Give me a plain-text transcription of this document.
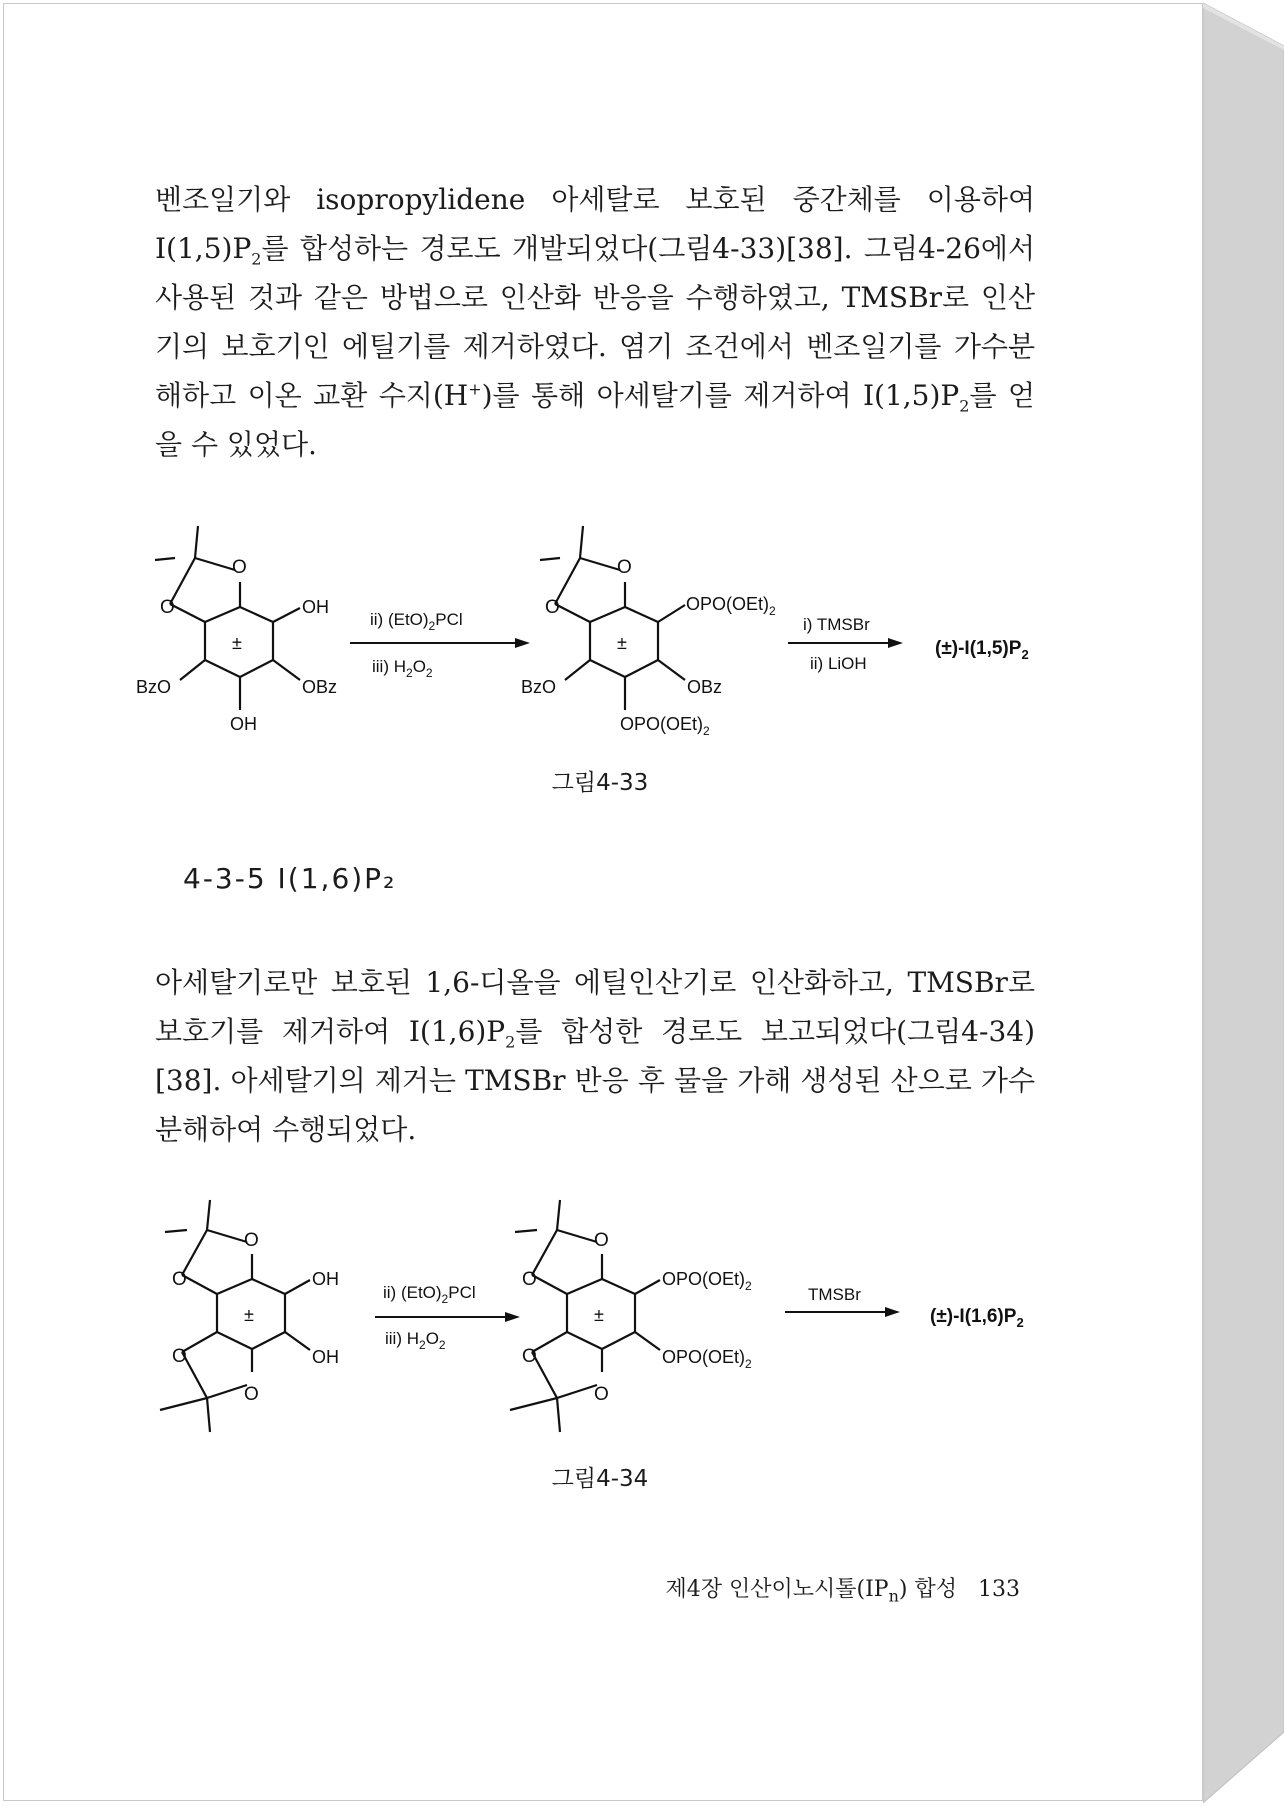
벤조일기와 isopropylidene 아세탈로 보호된 중간체를 이용하여 $I(1,5)P_2$를 합성하는 경로도 개발되었다(그림4-33)[38]. 그림4-26에서 사용된 것과 같은 방법으로 인산화 반응을 수행하였고, TMSBr로 인산기의 보호기인 에틸기를 제거하였다. 염기 조건에서 벤조일기를 가수분해하고 이온 교환 수지(H+)를 통해 아세탈기를 제거하여 $I(1,5)P_2$를 얻을 수 있었다.

O
O
±
OH
BzO	OBz
OH
ii) $(EtO)_2PCl$
iii) $H_2O_2$
O
O
±
$OPO(OEt)_2$
BzO	OBz
$OPO(OEt)_2$
i) TMSBr
ii) LiOH
$(\pm)-I(1,5)P_2$
그림4-33
4-3-5 I(1,6)P₂

아세탈기로만 보호된 1,6-디올을 에틸인산기로 인산화하고, TMSBr로 보호기를 제거하여 $I(1,6)P_2$를 합성한 경로도 보고되었다(그림4-34)[38]. 아세탈기의 제거는 TMSBr 반응 후 물을 가해 생성된 산으로 가수 분해하여 수행되었다.

O
O
O
O
±
OH
OH
ii) $(EtO)_2PCl$
iii) $H_2O_2$
O
O
O
O
±
$OPO(OEt)_2$
$OPO(OEt)_2$
TMSBr
$(\pm)-I(1,6)P_2$
그림4-34
제4장 인산이노시톨$(IP_n)$ 합성 133
